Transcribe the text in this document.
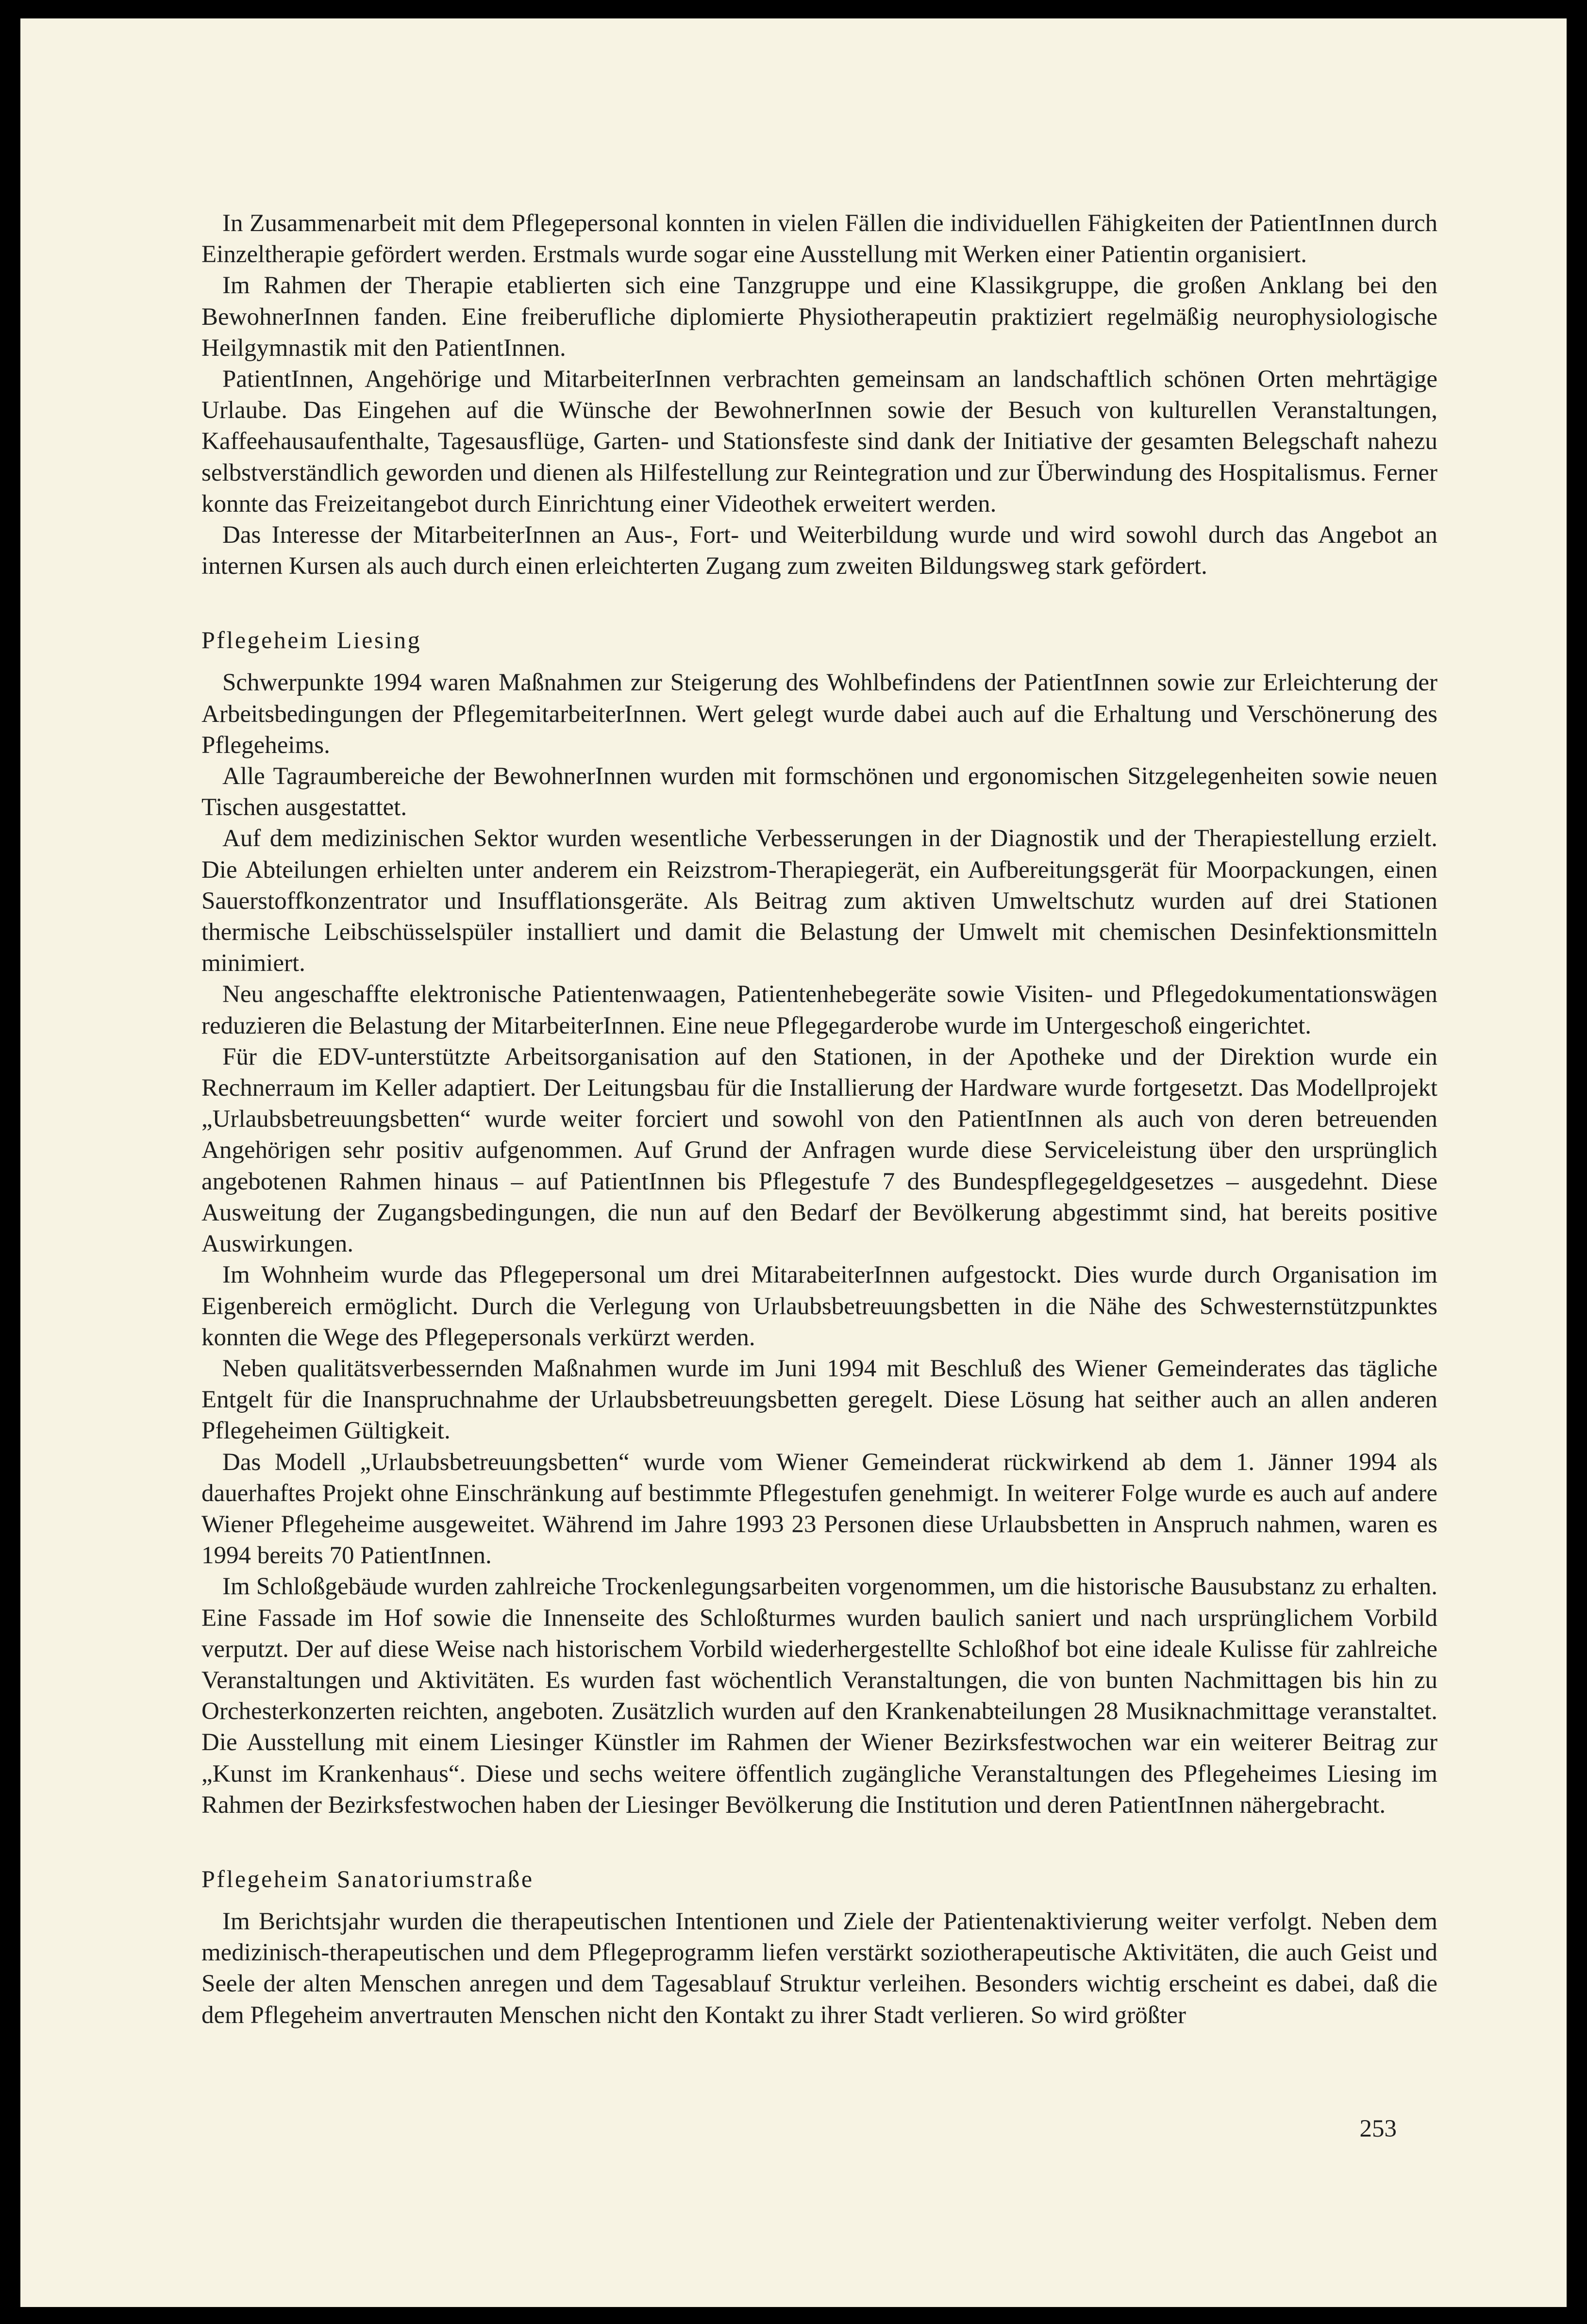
In Zusammenarbeit mit dem Pflegepersonal konnten in vielen Fällen die individuellen Fähigkeiten der PatientInnen durch Einzeltherapie gefördert werden. Erstmals wurde sogar eine Ausstellung mit Werken einer Patientin organisiert.

Im Rahmen der Therapie etablierten sich eine Tanzgruppe und eine Klassikgruppe, die großen Anklang bei den BewohnerInnen fanden. Eine freiberufliche diplomierte Physiotherapeutin praktiziert regelmäßig neurophysiologische Heilgymnastik mit den PatientInnen.

PatientInnen, Angehörige und MitarbeiterInnen verbrachten gemeinsam an landschaftlich schönen Orten mehrtägige Urlaube. Das Eingehen auf die Wünsche der BewohnerInnen sowie der Besuch von kulturellen Veranstaltungen, Kaffeehausaufenthalte, Tagesausflüge, Garten- und Stationsfeste sind dank der Initiative der gesamten Belegschaft nahezu selbstverständlich geworden und dienen als Hilfestellung zur Reintegration und zur Überwindung des Hospitalismus. Ferner konnte das Freizeitangebot durch Einrichtung einer Videothek erweitert werden.

Das Interesse der MitarbeiterInnen an Aus-, Fort- und Weiterbildung wurde und wird sowohl durch das Angebot an internen Kursen als auch durch einen erleichterten Zugang zum zweiten Bildungsweg stark gefördert.

Pflegeheim Liesing

Schwerpunkte 1994 waren Maßnahmen zur Steigerung des Wohlbefindens der PatientInnen sowie zur Erleichterung der Arbeitsbedingungen der PflegemitarbeiterInnen. Wert gelegt wurde dabei auch auf die Erhaltung und Verschönerung des Pflegeheims.

Alle Tagraumbereiche der BewohnerInnen wurden mit formschönen und ergonomischen Sitzgelegenheiten sowie neuen Tischen ausgestattet.

Auf dem medizinischen Sektor wurden wesentliche Verbesserungen in der Diagnostik und der Therapiestellung erzielt. Die Abteilungen erhielten unter anderem ein Reizstrom-Therapiegerät, ein Aufbereitungsgerät für Moorpackungen, einen Sauerstoffkonzentrator und Insufflationsgeräte. Als Beitrag zum aktiven Umweltschutz wurden auf drei Stationen thermische Leibschüsselspüler installiert und damit die Belastung der Umwelt mit chemischen Desinfektionsmitteln minimiert.

Neu angeschaffte elektronische Patientenwaagen, Patientenhebegeräte sowie Visiten- und Pflegedokumentationswägen reduzieren die Belastung der MitarbeiterInnen. Eine neue Pflegegarderobe wurde im Untergeschoß eingerichtet.

Für die EDV-unterstützte Arbeitsorganisation auf den Stationen, in der Apotheke und der Direktion wurde ein Rechnerraum im Keller adaptiert. Der Leitungsbau für die Installierung der Hardware wurde fortgesetzt. Das Modellprojekt „Urlaubsbetreuungsbetten“ wurde weiter forciert und sowohl von den PatientInnen als auch von deren betreuenden Angehörigen sehr positiv aufgenommen. Auf Grund der Anfragen wurde diese Serviceleistung über den ursprünglich angebotenen Rahmen hinaus – auf PatientInnen bis Pflegestufe 7 des Bundespflegegeldgesetzes – ausgedehnt. Diese Ausweitung der Zugangsbedingungen, die nun auf den Bedarf der Bevölkerung abgestimmt sind, hat bereits positive Auswirkungen.

Im Wohnheim wurde das Pflegepersonal um drei MitarabeiterInnen aufgestockt. Dies wurde durch Organisation im Eigenbereich ermöglicht. Durch die Verlegung von Urlaubsbetreuungsbetten in die Nähe des Schwesternstützpunktes konnten die Wege des Pflegepersonals verkürzt werden.

Neben qualitätsverbessernden Maßnahmen wurde im Juni 1994 mit Beschluß des Wiener Gemeinderates das tägliche Entgelt für die Inanspruchnahme der Urlaubsbetreuungsbetten geregelt. Diese Lösung hat seither auch an allen anderen Pflegeheimen Gültigkeit.

Das Modell „Urlaubsbetreuungsbetten“ wurde vom Wiener Gemeinderat rückwirkend ab dem 1. Jänner 1994 als dauerhaftes Projekt ohne Einschränkung auf bestimmte Pflegestufen genehmigt. In weiterer Folge wurde es auch auf andere Wiener Pflegeheime ausgeweitet. Während im Jahre 1993 23 Personen diese Urlaubsbetten in Anspruch nahmen, waren es 1994 bereits 70 PatientInnen.

Im Schloßgebäude wurden zahlreiche Trockenlegungsarbeiten vorgenommen, um die historische Bausubstanz zu erhalten. Eine Fassade im Hof sowie die Innenseite des Schloßturmes wurden baulich saniert und nach ursprünglichem Vorbild verputzt. Der auf diese Weise nach historischem Vorbild wiederhergestellte Schloßhof bot eine ideale Kulisse für zahlreiche Veranstaltungen und Aktivitäten. Es wurden fast wöchentlich Veranstaltungen, die von bunten Nachmittagen bis hin zu Orchesterkonzerten reichten, angeboten. Zusätzlich wurden auf den Krankenabteilungen 28 Musiknachmittage veranstaltet. Die Ausstellung mit einem Liesinger Künstler im Rahmen der Wiener Bezirksfestwochen war ein weiterer Beitrag zur „Kunst im Krankenhaus“. Diese und sechs weitere öffentlich zugängliche Veranstaltungen des Pflegeheimes Liesing im Rahmen der Bezirksfestwochen haben der Liesinger Bevölkerung die Institution und deren PatientInnen nähergebracht.

Pflegeheim Sanatoriumstraße

Im Berichtsjahr wurden die therapeutischen Intentionen und Ziele der Patientenaktivierung weiter verfolgt. Neben dem medizinisch-therapeutischen und dem Pflegeprogramm liefen verstärkt soziotherapeutische Aktivitäten, die auch Geist und Seele der alten Menschen anregen und dem Tagesablauf Struktur verleihen. Besonders wichtig erscheint es dabei, daß die dem Pflegeheim anvertrauten Menschen nicht den Kontakt zu ihrer Stadt verlieren. So wird größter

253
